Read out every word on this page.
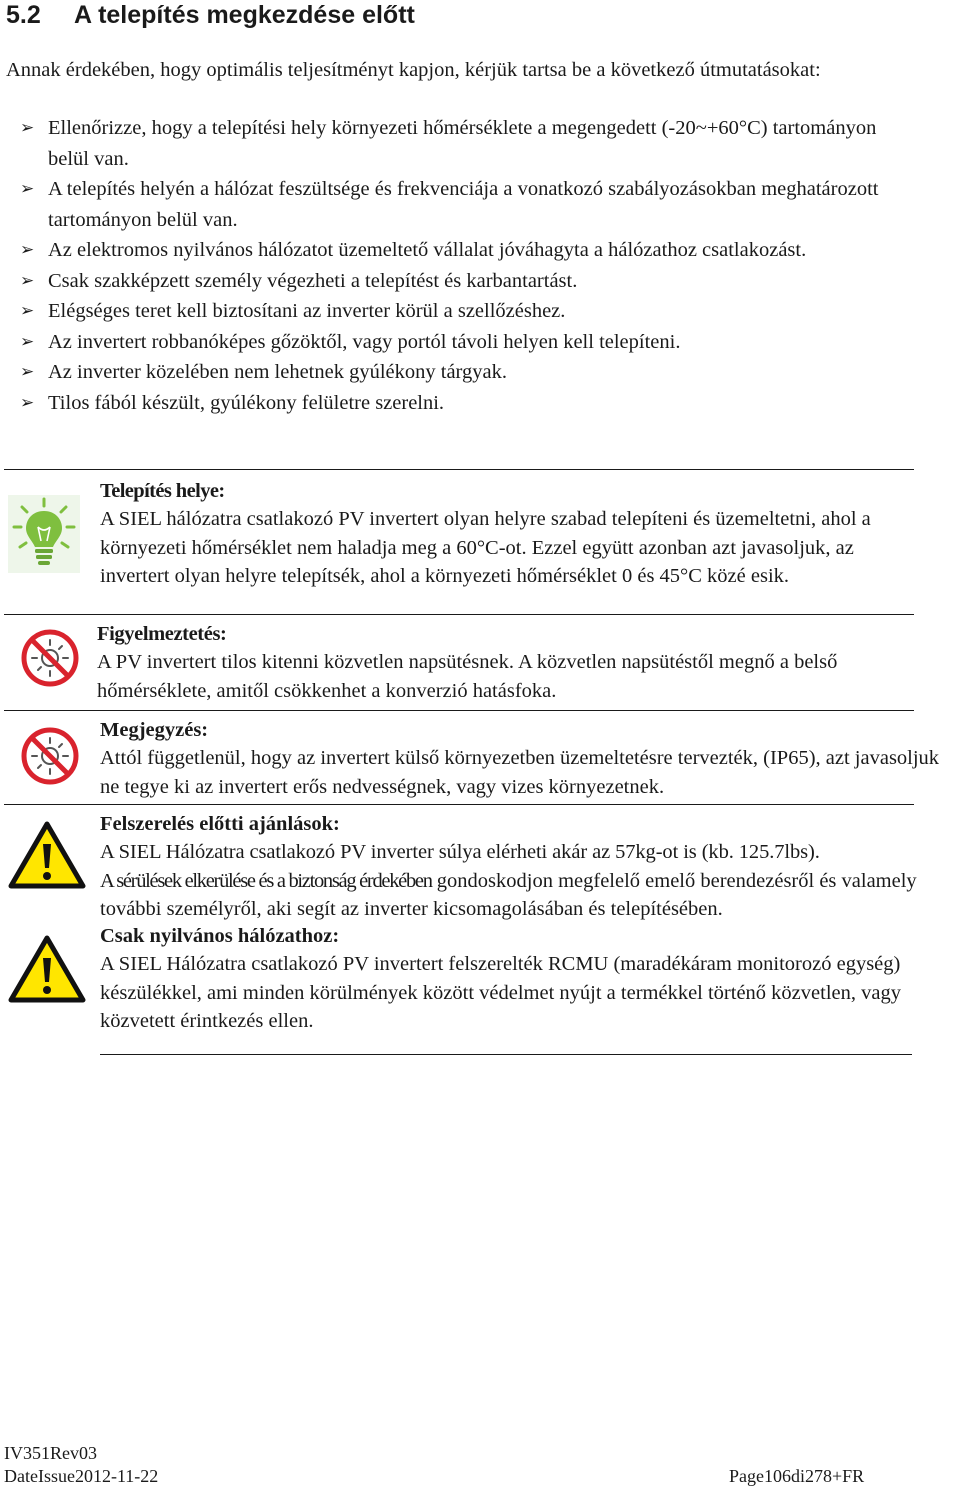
5.2 A telepítés megkezdése előtt

Annak érdekében, hogy optimális teljesítményt kapjon, kérjük tartsa be a következő útmutatásokat:

➢ Ellenőrizze, hogy a telepítési hely környezeti hőmérséklete a megengedett (-20~+60°C) tartományon belül van.
➢ A telepítés helyén a hálózat feszültsége és frekvenciája a vonatkozó szabályozásokban meghatározott tartományon belül van.
➢ Az elektromos nyilvános hálózatot üzemeltető vállalat jóváhagyta a hálózathoz csatlakozást.
➢ Csak szakképzett személy végezheti a telepítést és karbantartást.
➢ Elégséges teret kell biztosítani az inverter körül a szellőzéshez.
➢ Az invertert robbanóképes gőzöktől, vagy portól távoli helyen kell telepíteni.
➢ Az inverter közelében nem lehetnek gyúlékony tárgyak.
➢ Tilos fából készült, gyúlékony felületre szerelni.

Telepítés helye:

A SIEL hálózatra csatlakozó PV invertert olyan helyre szabad telepíteni és üzemeltetni, ahol a környezeti hőmérséklet nem haladja meg a 60°C-ot. Ezzel együtt azonban azt javasoljuk, az invertert olyan helyre telepítsék, ahol a környezeti hőmérséklet 0 és 45°C közé esik.

Figyelmeztetés:

A PV invertert tilos kitenni közvetlen napsütésnek. A közvetlen napsütéstől megnő a belső hőmérséklete, amitől csökkenhet a konverzió hatásfoka.

Megjegyzés:

Attól függetlenül, hogy az invertert külső környezetben üzemeltetésre tervezték, (IP65), azt javasoljuk ne tegye ki az invertert erős nedvességnek, vagy vizes környezetnek.

Felszerelés előtti ajánlások:

A SIEL Hálózatra csatlakozó PV inverter súlya elérheti akár az 57kg-ot is (kb. 125.7lbs).

A sérülések elkerülése és a biztonság érdekében gondoskodjon megfelelő emelő berendezésről és valamely további személyről, aki segít az inverter kicsomagolásában és telepítésében.

Csak nyilvános hálózathoz:

A SIEL Hálózatra csatlakozó PV invertert felszerelték RCMU (maradékáram monitorozó egység) készülékkel, ami minden körülmények között védelmet nyújt a termékkel történő közvetlen, vagy közvetett érintkezés ellen.

IV351Rev03
DateIssue2012-11-22	Page106di278+FR
